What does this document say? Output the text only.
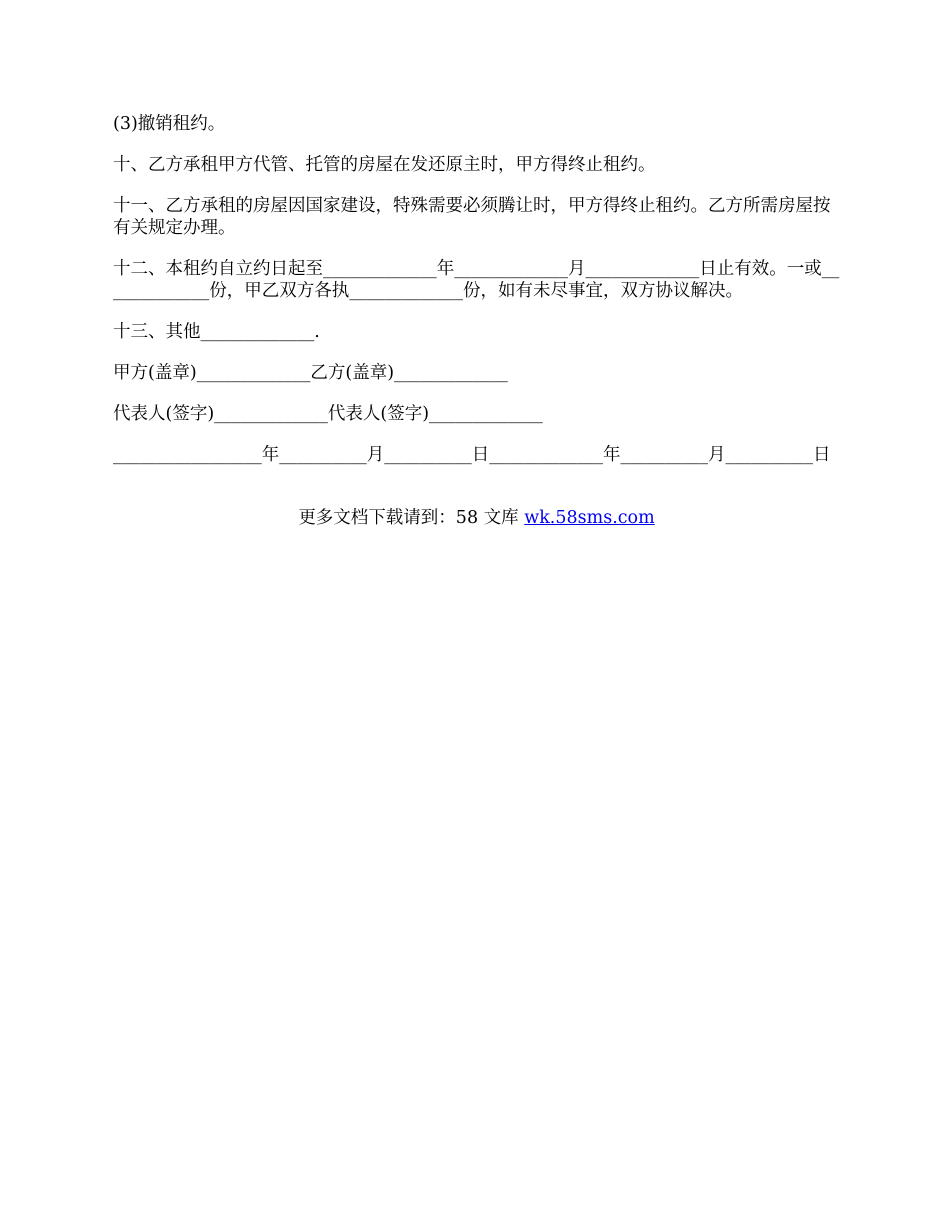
(3)撤销租约。

十、乙方承租甲方代管、托管的房屋在发还原主时，甲方得终止租约。

十一、乙方承租的房屋因国家建设，特殊需要必须腾让时，甲方得终止租约。乙方所需房屋按有关规定办理。

十二、本租约自立约日起至_____________年_____________月_____________日止有效。一或_____________份，甲乙双方各执_____________份，如有未尽事宜，双方协议解决。

十三、其他_____________.

甲方(盖章)_____________乙方(盖章)_____________

代表人(签字)_____________代表人(签字)_____________

_________________年__________月__________日_____________年__________月__________日

更多文档下载请到：58 文库 wk.58sms.com
